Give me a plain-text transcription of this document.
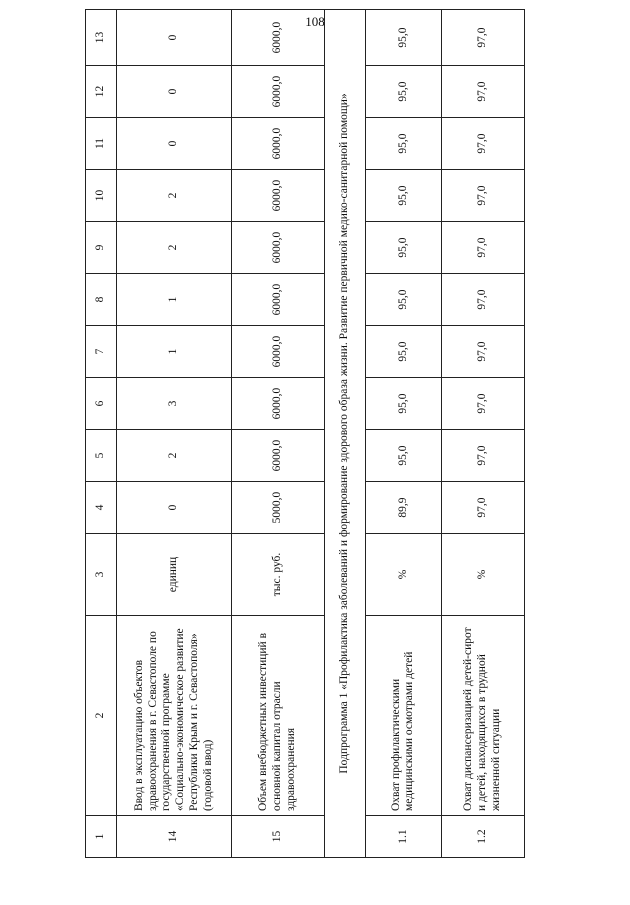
108
1	2	3	4	5	6	7	8	9	10	11	12	13
14	Ввод в эксплуатацию объектов здравоохранения в г. Севастополе по государственной программе «Социально-экономическое развитие Республики Крым и г. Севастополя» (годовой ввод)	единиц	0	2	3	1	1	2	2	0	0	0
15	Объем внебюджетных инвестиций в основной капитал отрасли здравоохранения	тыс. руб.	5000,0	6000,0	6000,0	6000,0	6000,0	6000,0	6000,0	6000,0	6000,0	6000,0
Подпрограмма 1 «Профилактика заболеваний и формирование здорового образа жизни. Развитие первичной медико-санитарной помощи»												
1.1	Охват профилактическими медицинскими осмотрами детей	%	89,9	95,0	95,0	95,0	95,0	95,0	95,0	95,0	95,0	95,0
1.2	Охват диспансеризацией детей-сирот и детей, находящихся в трудной жизненной ситуации	%	97,0	97,0	97,0	97,0	97,0	97,0	97,0	97,0	97,0	97,0
